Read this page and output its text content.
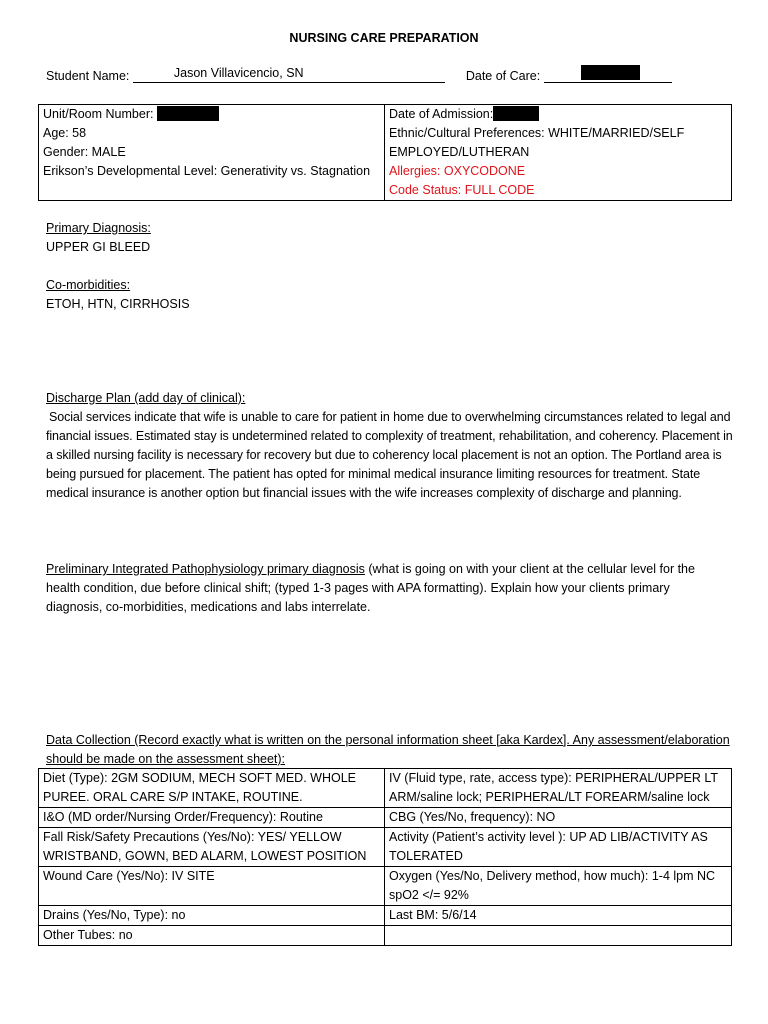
NURSING CARE PREPARATION
Student Name:	Jason Villavicencio, SN	Date of Care:

Unit/Room Number:

Age: 58

Gender: MALE

Erikson’s Developmental Level: Generativity vs. Stagnation

Date of Admission:

Ethnic/Cultural Preferences: WHITE/MARRIED/SELF EMPLOYED/LUTHERAN

Allergies: OXYCODONE

Code Status: FULL CODE

Primary Diagnosis:

UPPER GI BLEED

Co-morbidities:

ETOH, HTN, CIRRHOSIS

Discharge Plan (add day of clinical):

Social services indicate that wife is unable to care for patient in home due to overwhelming circumstances related to legal and financial issues. Estimated stay is undetermined related to complexity of treatment, rehabilitation, and coherency. Placement in a skilled nursing facility is necessary for recovery but due to coherency local placement is not an option. The Portland area is being pursued for placement. The patient has opted for minimal medical insurance limiting resources for treatment. State medical insurance is another option but financial issues with the wife increases complexity of discharge and planning.

Preliminary Integrated Pathophysiology primary diagnosis (what is going on with your client at the cellular level for the health condition, due before clinical shift; (typed 1-3 pages with APA formatting). Explain how your clients primary diagnosis, co-morbidities, medications and labs interrelate.

Data Collection (Record exactly what is written on the personal information sheet [aka Kardex]. Any assessment/elaboration should be made on the assessment sheet):

Diet (Type): 2GM SODIUM, MECH SOFT MED. WHOLE PUREE. ORAL CARE S/P INTAKE, ROUTINE.	IV (Fluid type, rate, access type): PERIPHERAL/UPPER LT ARM/saline lock; PERIPHERAL/LT FOREARM/saline lock
I&O (MD order/Nursing Order/Frequency): Routine	CBG (Yes/No, frequency): NO
Fall Risk/Safety Precautions (Yes/No): YES/ YELLOW WRISTBAND, GOWN, BED ALARM, LOWEST POSITION	Activity (Patient’s activity level ): UP AD LIB/ACTIVITY AS TOLERATED
Wound Care (Yes/No): IV SITE	Oxygen (Yes/No, Delivery method, how much): 1-4 lpm NC spO2 </= 92%
Drains (Yes/No, Type): no	Last BM: 5/6/14
Other Tubes: no	
